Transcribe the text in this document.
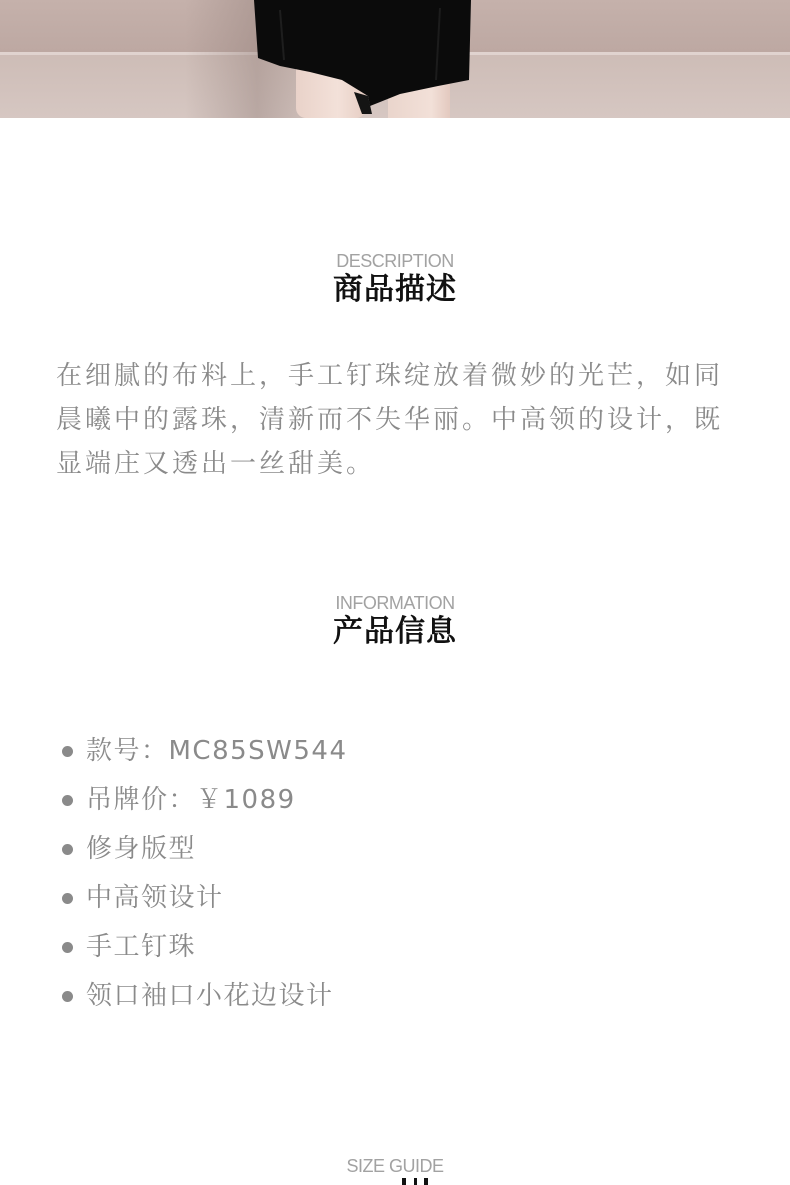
DESCRIPTION
商品描述
在细腻的布料上，手工钉珠绽放着微妙的光芒，如同晨曦中的露珠，清新而不失华丽。中高领的设计，既显端庄又透出一丝甜美。
INFORMATION
产品信息
款号：MC85SW544
吊牌价：￥1089
修身版型
中高领设计
手工钉珠
领口袖口小花边设计
SIZE GUIDE
